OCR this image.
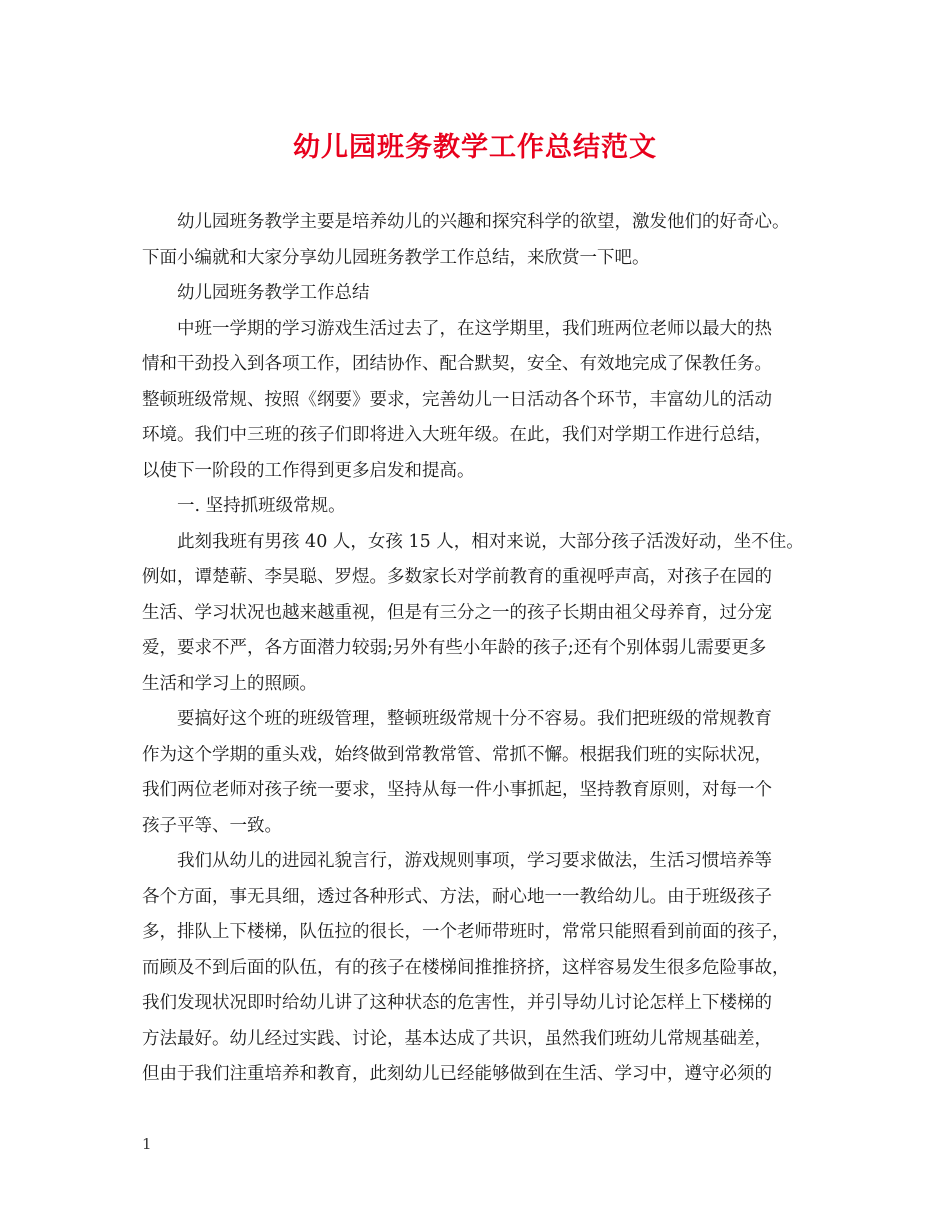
幼儿园班务教学工作总结范文
幼儿园班务教学主要是培养幼儿的兴趣和探究科学的欲望，激发他们的好奇心。
下面小编就和大家分享幼儿园班务教学工作总结，来欣赏一下吧。
幼儿园班务教学工作总结
中班一学期的学习游戏生活过去了，在这学期里，我们班两位老师以最大的热
情和干劲投入到各项工作，团结协作、配合默契，安全、有效地完成了保教任务。
整顿班级常规、按照《纲要》要求，完善幼儿一日活动各个环节，丰富幼儿的活动
环境。我们中三班的孩子们即将进入大班年级。在此，我们对学期工作进行总结，
以使下一阶段的工作得到更多启发和提高。
一. 坚持抓班级常规。
此刻我班有男孩 40 人，女孩 15 人，相对来说，大部分孩子活泼好动，坐不住。
例如，谭楚蕲、李昊聪、罗煜。多数家长对学前教育的重视呼声高，对孩子在园的
生活、学习状况也越来越重视，但是有三分之一的孩子长期由祖父母养育，过分宠
爱，要求不严，各方面潜力较弱;另外有些小年龄的孩子;还有个别体弱儿需要更多
生活和学习上的照顾。
要搞好这个班的班级管理，整顿班级常规十分不容易。我们把班级的常规教育
作为这个学期的重头戏，始终做到常教常管、常抓不懈。根据我们班的实际状况，
我们两位老师对孩子统一要求，坚持从每一件小事抓起，坚持教育原则，对每一个
孩子平等、一致。
我们从幼儿的进园礼貌言行，游戏规则事项，学习要求做法，生活习惯培养等
各个方面，事无具细，透过各种形式、方法，耐心地一一教给幼儿。由于班级孩子
多，排队上下楼梯，队伍拉的很长，一个老师带班时，常常只能照看到前面的孩子，
而顾及不到后面的队伍，有的孩子在楼梯间推推挤挤，这样容易发生很多危险事故，
我们发现状况即时给幼儿讲了这种状态的危害性，并引导幼儿讨论怎样上下楼梯的
方法最好。幼儿经过实践、讨论，基本达成了共识，虽然我们班幼儿常规基础差，
但由于我们注重培养和教育，此刻幼儿已经能够做到在生活、学习中，遵守必须的
1
